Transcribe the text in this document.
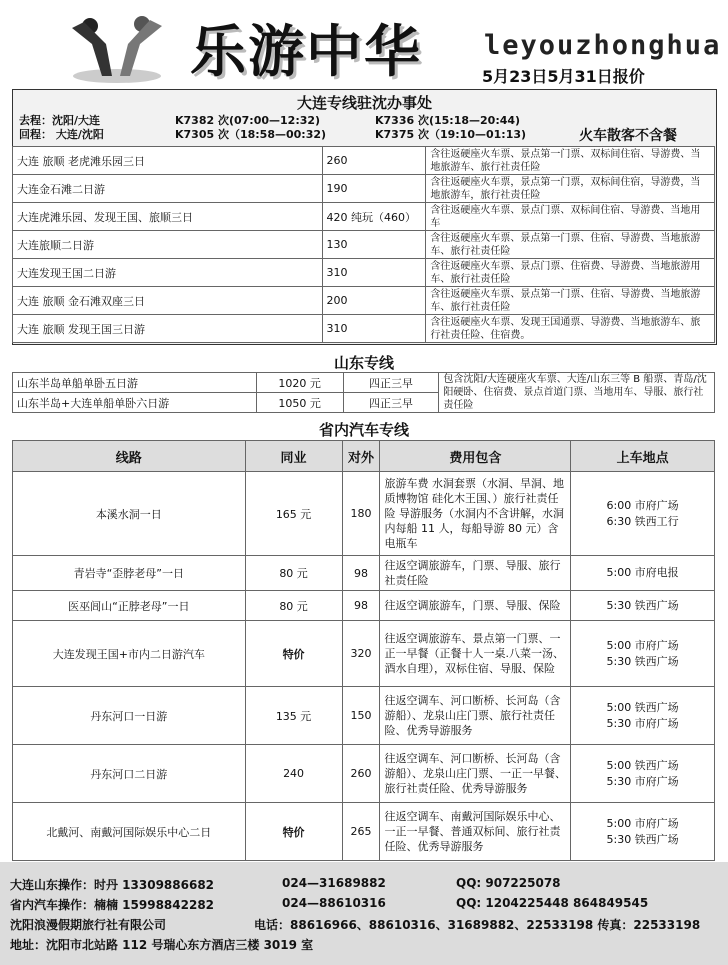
乐游中华 leyouzhonghua
5月23日5月31日报价
大连专线驻沈办事处
去程：沈阳/大连	K7382 次(07:00—12:32)	K7336 次(15:18—20:44)
回程： 大连/沈阳	K7305 次（18:58—00:32)	K7375 次（19:10—01:13)	火车散客不含餐
大连 旅顺 老虎滩乐园三日	260	含往返硬座火车票、景点第一门票、双标间住宿、导游费、当地旅游车、旅行社责任险
大连金石滩二日游	190	含往返硬座火车票，景点第一门票，双标间住宿，导游费，当地旅游车，旅行社责任险
大连虎滩乐园、发现王国、旅顺三日	420 纯玩（460）	含往返硬座火车票、景点门票、双标间住宿、导游费、当地用车
大连旅顺二日游	130	含往返硬座火车票、景点第一门票、住宿、导游费、当地旅游车、旅行社责任险
大连发现王国二日游	310	含往返硬座火车票、景点门票、住宿费、导游费、当地旅游用车、旅行社责任险
大连 旅顺 金石滩双座三日	200	含往返硬座火车票、景点第一门票、住宿、导游费、当地旅游车、旅行社责任险
大连 旅顺 发现王国三日游	310	含往返硬座火车票、发现王国通票、导游费、当地旅游车、旅行社责任险、住宿费。
山东专线
山东半岛单船单卧五日游	1020 元	四正三早	包含沈阳/大连硬座火车票、大连/山东三等 B 船票、青岛/沈阳硬卧、住宿费、景点首道门票、当地用车、导服、旅行社责任险
山东半岛+大连单船单卧六日游	1050 元	四正三早	
省内汽车专线
线路	同业	对外	费用包含	上车地点
本溪水洞一日	165 元	180	旅游车费 水洞套票（水洞、旱洞、地质博物馆 硅化木王国、）旅行社责任险 导游服务（水洞内不含讲解，水洞内每船 11 人，每船导游 80 元）含电瓶车	6:00 市府广场
6:30 铁西工行

青岩寺“歪脖老母”一日	80 元	98	往返空调旅游车，门票、导服、旅行社责任险	5:00 市府电报
医巫闾山“正脖老母”一日	80 元	98	往返空调旅游车，门票、导服、保险	5:30 铁西广场
大连发现王国+市内二日游汽车	特价	320	往返空调旅游车、景点第一门票、一正一早餐（正餐十人一桌.八菜一汤、酒水自理），双标住宿、导服、保险	5:00 市府广场
5:30 铁西广场

丹东河口一日游	135 元	150	往返空调车、河口断桥、长河岛（含游船）、龙泉山庄门票、旅行社责任险、优秀导游服务	5:00 铁西广场
5:30 市府广场

丹东河口二日游	240	260	往返空调车、河口断桥、长河岛（含游船）、龙泉山庄门票、一正一早餐、旅行社责任险、优秀导游服务	5:00 铁西广场
5:30 市府广场

北戴河、南戴河国际娱乐中心二日	特价	265	往返空调车、南戴河国际娱乐中心、一正一早餐、普通双标间、旅行社责任险、优秀导游服务	5:00 市府广场
5:30 铁西广场
大连山东操作：时丹 13309886682	024—31689882	QQ: 907225078
省内汽车操作：楠楠 15998842282	024—88610316	QQ: 1204225448 864849545
沈阳浪漫假期旅行社有限公司	电话：88616966、88610316、31689882、22533198 传真：22533198
地址：沈阳市北站路 112 号瑞心东方酒店三楼 3019 室
